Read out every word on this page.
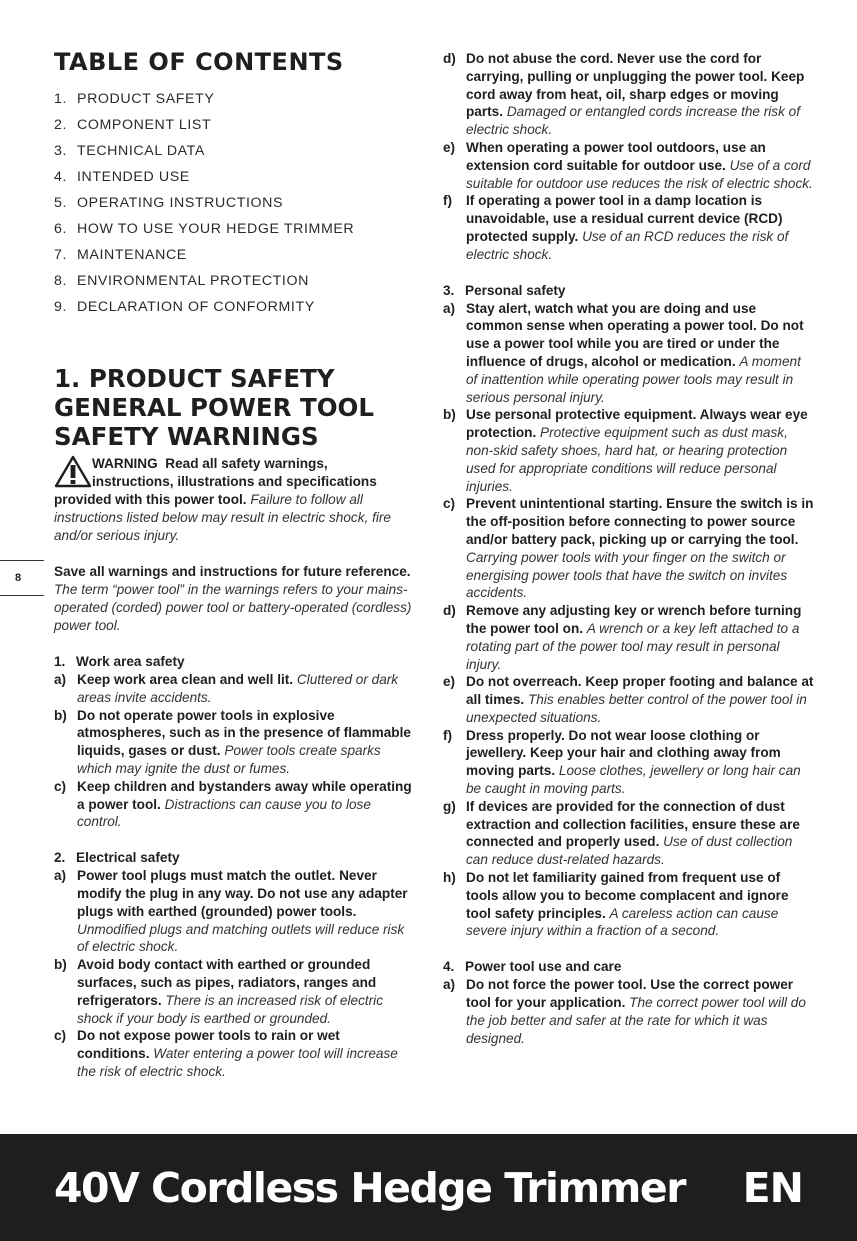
TABLE OF CONTENTS
1. PRODUCT SAFETY
2. COMPONENT LIST
3. TECHNICAL DATA
4. INTENDED USE
5. OPERATING INSTRUCTIONS
6. HOW TO USE YOUR HEDGE TRIMMER
7. MAINTENANCE
8. ENVIRONMENTAL PROTECTION
9. DECLARATION OF CONFORMITY
1. PRODUCT SAFETY
GENERAL POWER TOOL
SAFETY WARNINGS
WARNING Read all safety warnings,
instructions, illustrations and specifications
provided with this power tool. Failure to follow all instructions listed below may result in electric shock, fire and/or serious injury.
Save all warnings and instructions for future reference.
The term “power tool” in the warnings refers to your mains-operated (corded) power tool or battery-operated (cordless) power tool.
1. Work area safety
a) Keep work area clean and well lit. Cluttered or dark areas invite accidents.
b) Do not operate power tools in explosive atmospheres, such as in the presence of flammable liquids, gases or dust. Power tools create sparks which may ignite the dust or fumes.
c) Keep children and bystanders away while operating a power tool. Distractions can cause you to lose control.
2. Electrical safety
a) Power tool plugs must match the outlet. Never modify the plug in any way. Do not use any adapter plugs with earthed (grounded) power tools. Unmodified plugs and matching outlets will reduce risk of electric shock.
b) Avoid body contact with earthed or grounded surfaces, such as pipes, radiators, ranges and refrigerators. There is an increased risk of electric shock if your body is earthed or grounded.
c) Do not expose power tools to rain or wet conditions. Water entering a power tool will increase the risk of electric shock.
d) Do not abuse the cord. Never use the cord for carrying, pulling or unplugging the power tool. Keep cord away from heat, oil, sharp edges or moving parts. Damaged or entangled cords increase the risk of electric shock.
e) When operating a power tool outdoors, use an extension cord suitable for outdoor use. Use of a cord suitable for outdoor use reduces the risk of electric shock.
f) If operating a power tool in a damp location is unavoidable, use a residual current device (RCD) protected supply. Use of an RCD reduces the risk of electric shock.
3. Personal safety
a) Stay alert, watch what you are doing and use common sense when operating a power tool. Do not use a power tool while you are tired or under the influence of drugs, alcohol or medication. A moment of inattention while operating power tools may result in serious personal injury.
b) Use personal protective equipment. Always wear eye protection. Protective equipment such as dust mask, non-skid safety shoes, hard hat, or hearing protection used for appropriate conditions will reduce personal injuries.
c) Prevent unintentional starting. Ensure the switch is in the off-position before connecting to power source and/or battery pack, picking up or carrying the tool. Carrying power tools with your finger on the switch or energising power tools that have the switch on invites accidents.
d) Remove any adjusting key or wrench before turning the power tool on. A wrench or a key left attached to a rotating part of the power tool may result in personal injury.
e) Do not overreach. Keep proper footing and balance at all times. This enables better control of the power tool in unexpected situations.
f) Dress properly. Do not wear loose clothing or jewellery. Keep your hair and clothing away from moving parts. Loose clothes, jewellery or long hair can be caught in moving parts.
g) If devices are provided for the connection of dust extraction and collection facilities, ensure these are connected and properly used. Use of dust collection can reduce dust-related hazards.
h) Do not let familiarity gained from frequent use of tools allow you to become complacent and ignore tool safety principles. A careless action can cause severe injury within a fraction of a second.
4. Power tool use and care
a) Do not force the power tool. Use the correct power tool for your application. The correct power tool will do the job better and safer at the rate for which it was designed.
8
40V Cordless Hedge Trimmer EN
